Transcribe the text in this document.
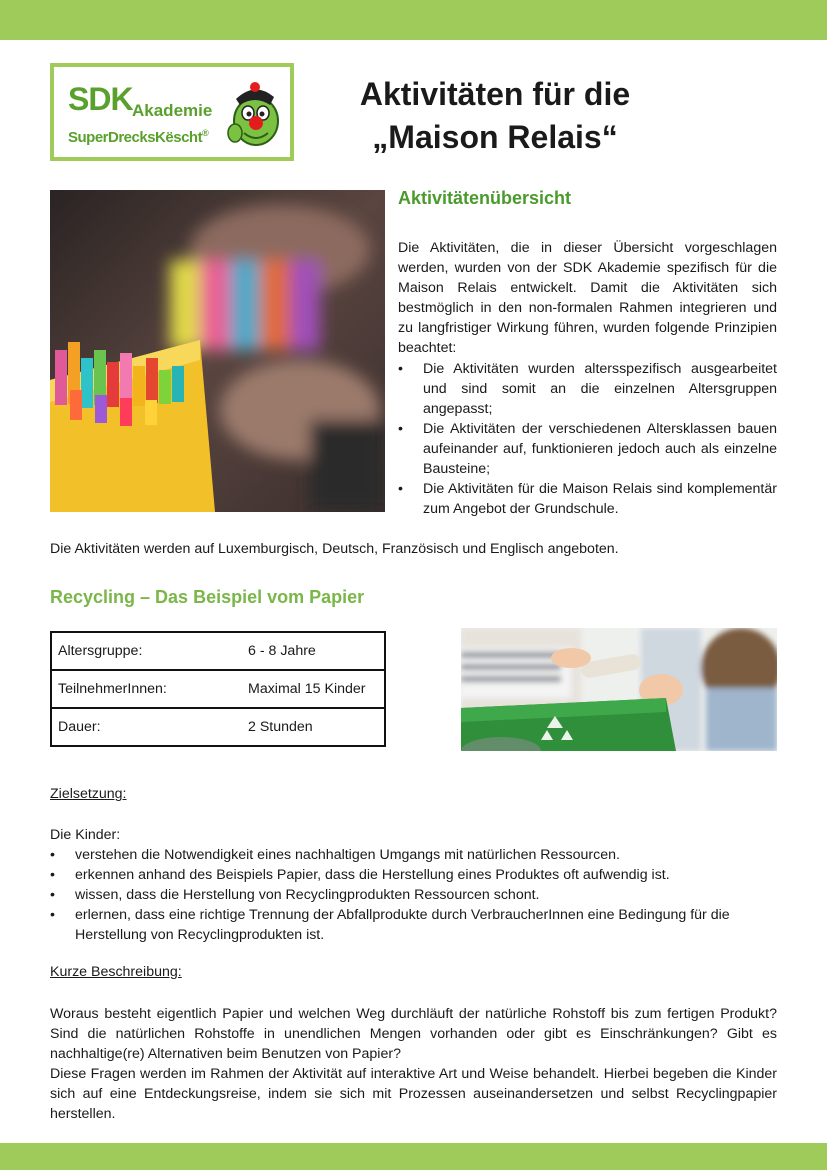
SDK Akademie
SuperDrecksKëscht®
Aktivitäten für die
„Maison Relais“
Aktivitätenübersicht
Die Aktivitäten, die in dieser Übersicht vorgeschlagen werden, wurden von der SDK Akademie spezifisch für die Maison Relais entwickelt. Damit die Aktivitäten sich bestmöglich in den non-formalen Rahmen integrieren und zu langfristiger Wirkung führen, wurden folgende Prinzipien beachtet:
• Die Aktivitäten wurden altersspezifisch ausgearbeitet und sind somit an die einzelnen Altersgruppen angepasst;
• Die Aktivitäten der verschiedenen Altersklassen bauen aufeinander auf, funktionieren jedoch auch als einzelne Bausteine;
• Die Aktivitäten für die Maison Relais sind komplementär zum Angebot der Grundschule.
Die Aktivitäten werden auf Luxemburgisch, Deutsch, Französisch und Englisch angeboten.
Recycling – Das Beispiel vom Papier
Altersgruppe:	6 - 8 Jahre
TeilnehmerInnen:	Maximal 15 Kinder
Dauer:	2 Stunden
Zielsetzung:
Die Kinder:
• verstehen die Notwendigkeit eines nachhaltigen Umgangs mit natürlichen Ressourcen.
• erkennen anhand des Beispiels Papier, dass die Herstellung eines Produktes oft aufwendig ist.
• wissen, dass die Herstellung von Recyclingprodukten Ressourcen schont.
• erlernen, dass eine richtige Trennung der Abfallprodukte durch VerbraucherInnen eine Bedingung für die Herstellung von Recyclingprodukten ist.
Kurze Beschreibung:

Woraus besteht eigentlich Papier und welchen Weg durchläuft der natürliche Rohstoff bis zum fertigen Produkt? Sind die natürlichen Rohstoffe in unendlichen Mengen vorhanden oder gibt es Einschränkungen? Gibt es nachhaltige(re) Alternativen beim Benutzen von Papier?

Diese Fragen werden im Rahmen der Aktivität auf interaktive Art und Weise behandelt. Hierbei begeben die Kinder sich auf eine Entdeckungsreise, indem sie sich mit Prozessen auseinandersetzen und selbst Recyclingpapier herstellen.
